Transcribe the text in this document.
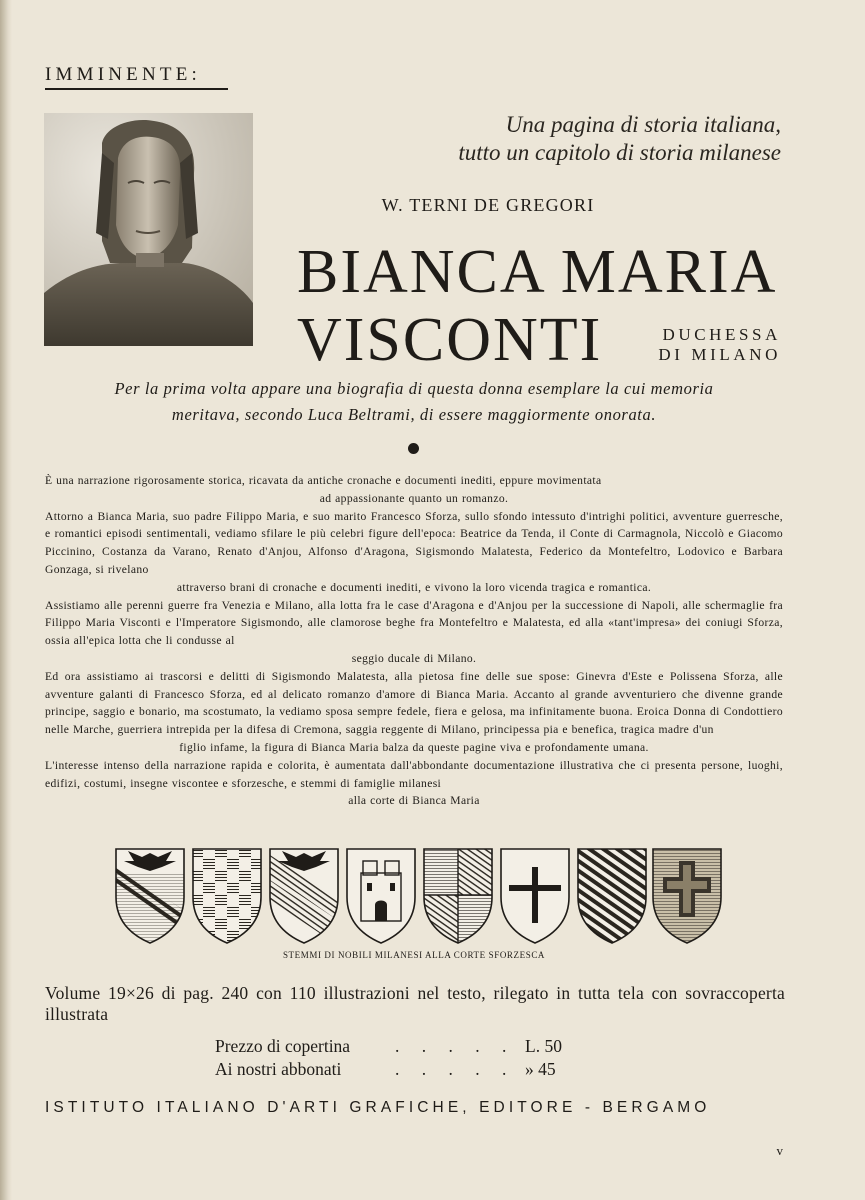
IMMINENTE:
Una pagina di storia italiana,
tutto un capitolo di storia milanese
W. TERNI DE GREGORI
BIANCA MARIA
VISCONTI	DUCHESSA
DI MILANO
Per la prima volta appare una biografia di questa donna esemplare la cui memoria
meritava, secondo Luca Beltrami, di essere maggiormente onorata.

È una narrazione rigorosamente storica, ricavata da antiche cronache e documenti inediti, eppure movimentata

ad appassionante quanto un romanzo.

Attorno a Bianca Maria, suo padre Filippo Maria, e suo marito Francesco Sforza, sullo sfondo intessuto d'intrighi politici, avventure guerresche, e romantici episodi sentimentali, vediamo sfilare le più celebri figure dell'epoca: Beatrice da Tenda, il Conte di Carmagnola, Niccolò e Giacomo Piccinino, Costanza da Varano, Renato d'Anjou, Alfonso d'Aragona, Sigismondo Malatesta, Federico da Montefeltro, Lodovico e Barbara Gonzaga, si rivelano

attraverso brani di cronache e documenti inediti, e vivono la loro vicenda tragica e romantica.

Assistiamo alle perenni guerre fra Venezia e Milano, alla lotta fra le case d'Aragona e d'Anjou per la successione di Napoli, alle schermaglie fra Filippo Maria Visconti e l'Imperatore Sigismondo, alle clamorose beghe fra Montefeltro e Malatesta, ed alla «tant'impresa» dei coniugi Sforza, ossia all'epica lotta che li condusse al

seggio ducale di Milano.

Ed ora assistiamo ai trascorsi e delitti di Sigismondo Malatesta, alla pietosa fine delle sue spose: Ginevra d'Este e Polissena Sforza, alle avventure galanti di Francesco Sforza, ed al delicato romanzo d'amore di Bianca Maria. Accanto al grande avventuriero che divenne grande principe, saggio e bonario, ma scostumato, la vediamo sposa sempre fedele, fiera e gelosa, ma infinitamente buona. Eroica Donna di Condottiero nelle Marche, guerriera intrepida per la difesa di Cremona, saggia reggente di Milano, principessa pia e benefica, tragica madre d'un

figlio infame, la figura di Bianca Maria balza da queste pagine viva e profondamente umana.

L'interesse intenso della narrazione rapida e colorita, è aumentata dall'abbondante documentazione illustrativa che ci presenta persone, luoghi, edifizi, costumi, insegne viscontee e sforzesche, e stemmi di famiglie milanesi

alla corte di Bianca Maria

STEMMI DI NOBILI MILANESI ALLA CORTE SFORZESCA
Volume 19×26 di pag. 240 con 110 illustrazioni nel testo, rilegato in tutta tela con sovraccoperta illustrata
Prezzo di copertina	. . . . . L. 50
Ai nostri abbonati	. . . . . » 45
ISTITUTO ITALIANO D'ARTI GRAFICHE, EDITORE - BERGAMO
v
